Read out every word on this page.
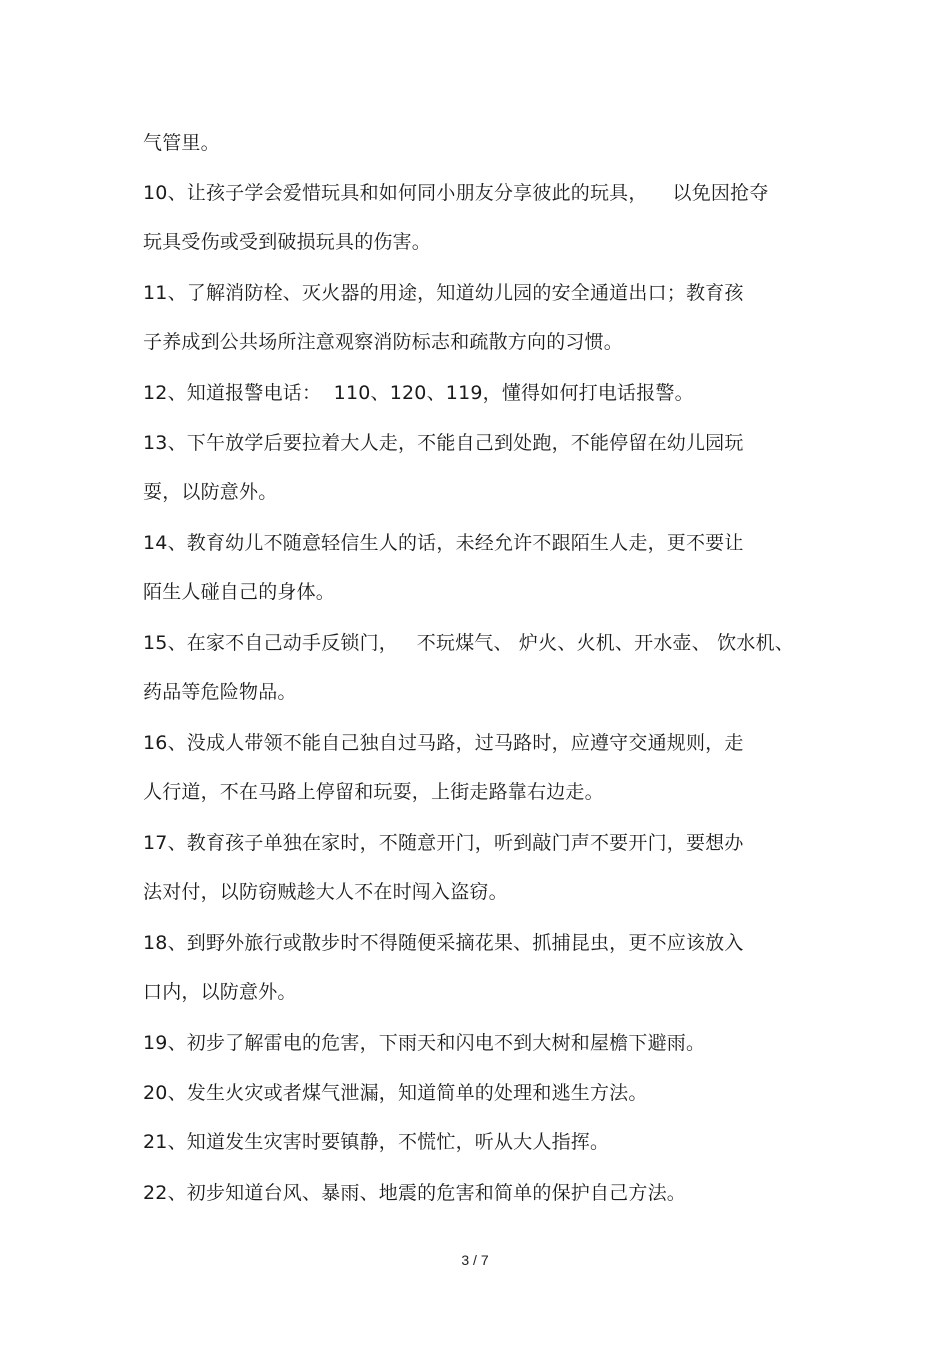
气管里。
10、让孩子学会爱惜玩具和如何同小朋友分享彼此的玩具，    以免因抢夺
玩具受伤或受到破损玩具的伤害。
11、了解消防栓、灭火器的用途，知道幼儿园的安全通道出口；教育孩
子养成到公共场所注意观察消防标志和疏散方向的习惯。
12、知道报警电话：  110、120、119，懂得如何打电话报警。
13、下午放学后要拉着大人走，不能自己到处跑，不能停留在幼儿园玩
耍，以防意外。
14、教育幼儿不随意轻信生人的话，未经允许不跟陌生人走，更不要让
陌生人碰自己的身体。
15、在家不自己动手反锁门，   不玩煤气、 炉火、火机、开水壶、 饮水机、
药品等危险物品。
16、没成人带领不能自己独自过马路，过马路时，应遵守交通规则，走
人行道，不在马路上停留和玩耍，上街走路靠右边走。
17、教育孩子单独在家时，不随意开门，听到敲门声不要开门，要想办
法对付，以防窃贼趁大人不在时闯入盗窃。
18、到野外旅行或散步时不得随便采摘花果、抓捕昆虫，更不应该放入
口内，以防意外。
19、初步了解雷电的危害，下雨天和闪电不到大树和屋檐下避雨。
20、发生火灾或者煤气泄漏，知道简单的处理和逃生方法。
21、知道发生灾害时要镇静，不慌忙，听从大人指挥。
22、初步知道台风、暴雨、地震的危害和简单的保护自己方法。
3 / 7
